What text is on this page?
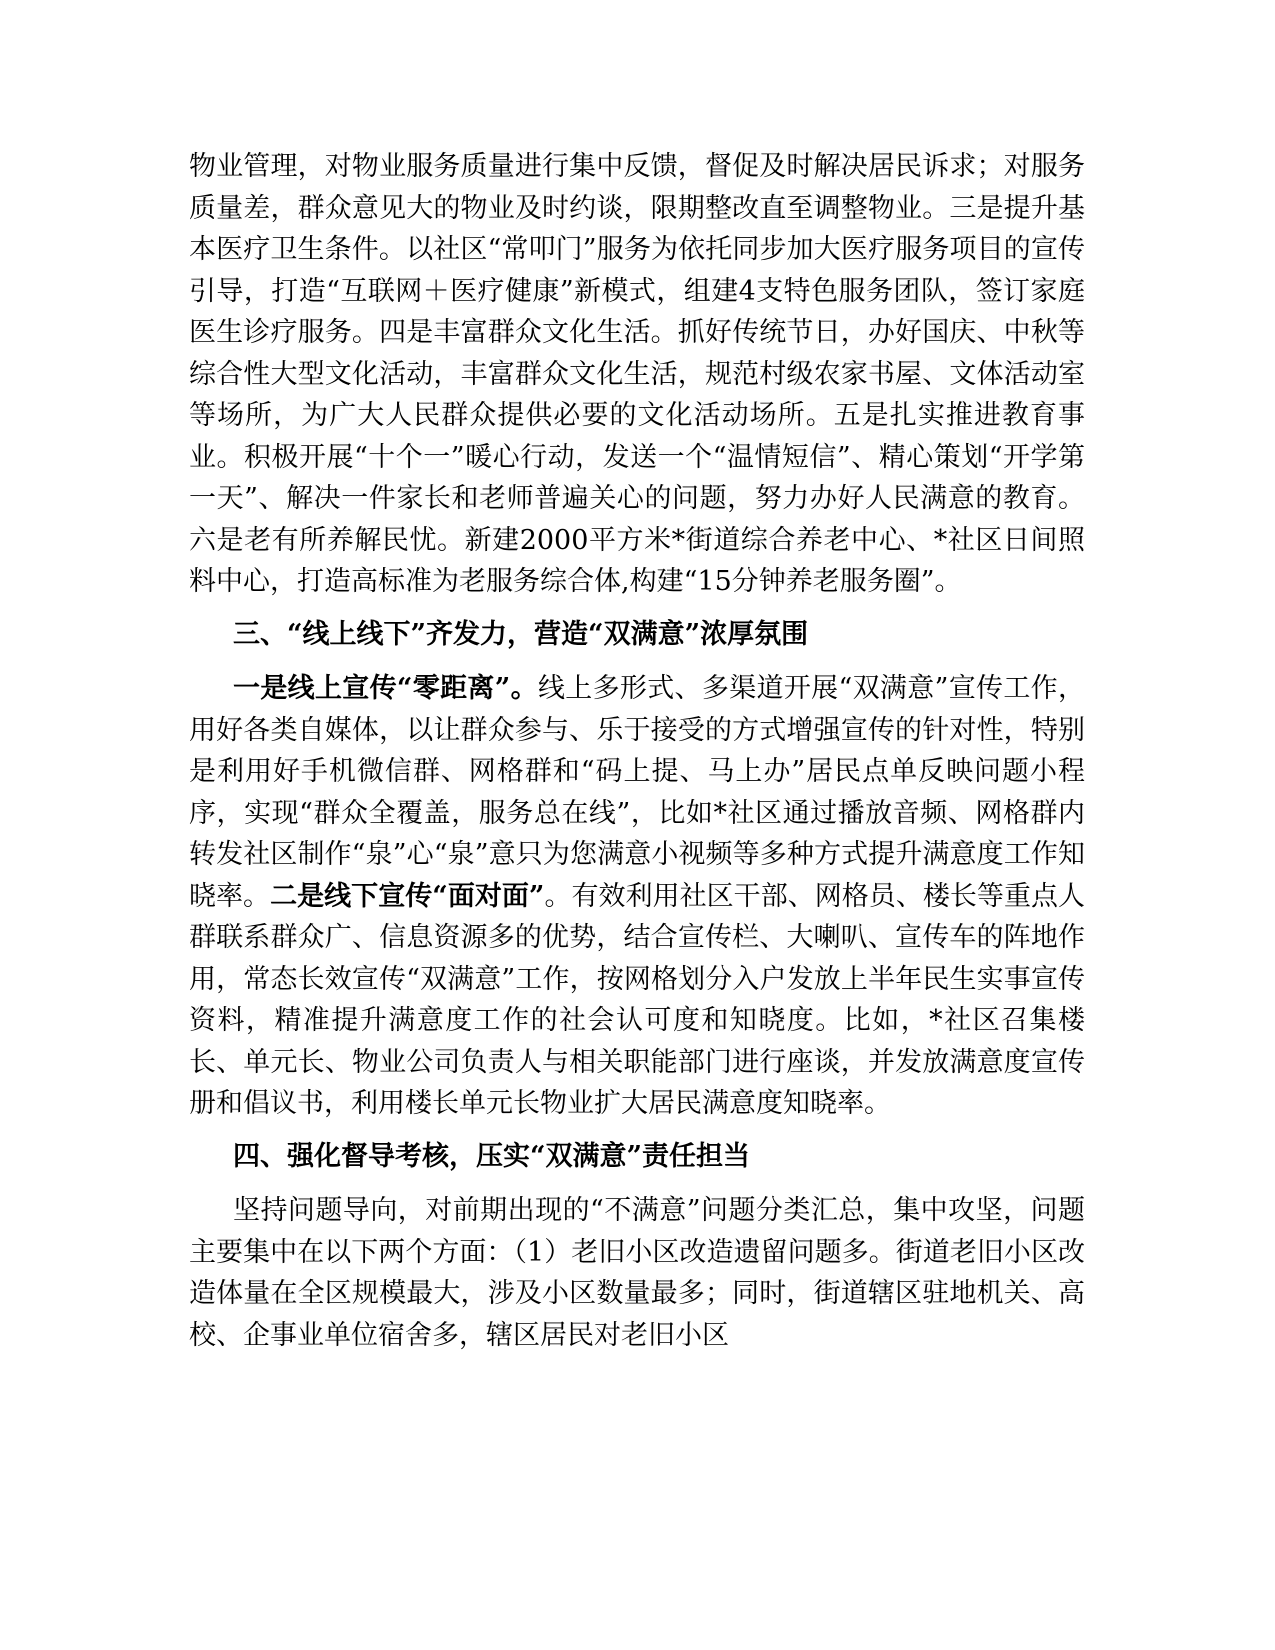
物业管理，对物业服务质量进行集中反馈，督促及时解决居民诉求；对服务质量差，群众意见大的物业及时约谈，限期整改直至调整物业。三是提升基本医疗卫生条件。以社区“常叩门”服务为依托同步加大医疗服务项目的宣传引导，打造“互联网＋医疗健康”新模式，组建4支特色服务团队，签订家庭医生诊疗服务。四是丰富群众文化生活。抓好传统节日，办好国庆、中秋等综合性大型文化活动，丰富群众文化生活，规范村级农家书屋、文体活动室等场所，为广大人民群众提供必要的文化活动场所。五是扎实推进教育事业。积极开展“十个一”暖心行动，发送一个“温情短信”、精心策划“开学第一天”、解决一件家长和老师普遍关心的问题，努力办好人民满意的教育。六是老有所养解民忧。新建2000平方米*街道综合养老中心、*社区日间照料中心，打造高标准为老服务综合体,构建“15分钟养老服务圈”。

三、“线上线下”齐发力，营造“双满意”浓厚氛围

一是线上宣传“零距离”。线上多形式、多渠道开展“双满意”宣传工作，用好各类自媒体，以让群众参与、乐于接受的方式增强宣传的针对性，特别是利用好手机微信群、网格群和“码上提、马上办”居民点单反映问题小程序，实现“群众全覆盖，服务总在线”，比如*社区通过播放音频、网格群内转发社区制作“泉”心“泉”意只为您满意小视频等多种方式提升满意度工作知晓率。二是线下宣传“面对面”。有效利用社区干部、网格员、楼长等重点人群联系群众广、信息资源多的优势，结合宣传栏、大喇叭、宣传车的阵地作用，常态长效宣传“双满意”工作，按网格划分入户发放上半年民生实事宣传资料，精准提升满意度工作的社会认可度和知晓度。比如，*社区召集楼长、单元长、物业公司负责人与相关职能部门进行座谈，并发放满意度宣传册和倡议书，利用楼长单元长物业扩大居民满意度知晓率。

四、强化督导考核，压实“双满意”责任担当

坚持问题导向，对前期出现的“不满意”问题分类汇总，集中攻坚，问题主要集中在以下两个方面：（1）老旧小区改造遗留问题多。街道老旧小区改造体量在全区规模最大，涉及小区数量最多；同时，街道辖区驻地机关、高校、企事业单位宿舍多，辖区居民对老旧小区
